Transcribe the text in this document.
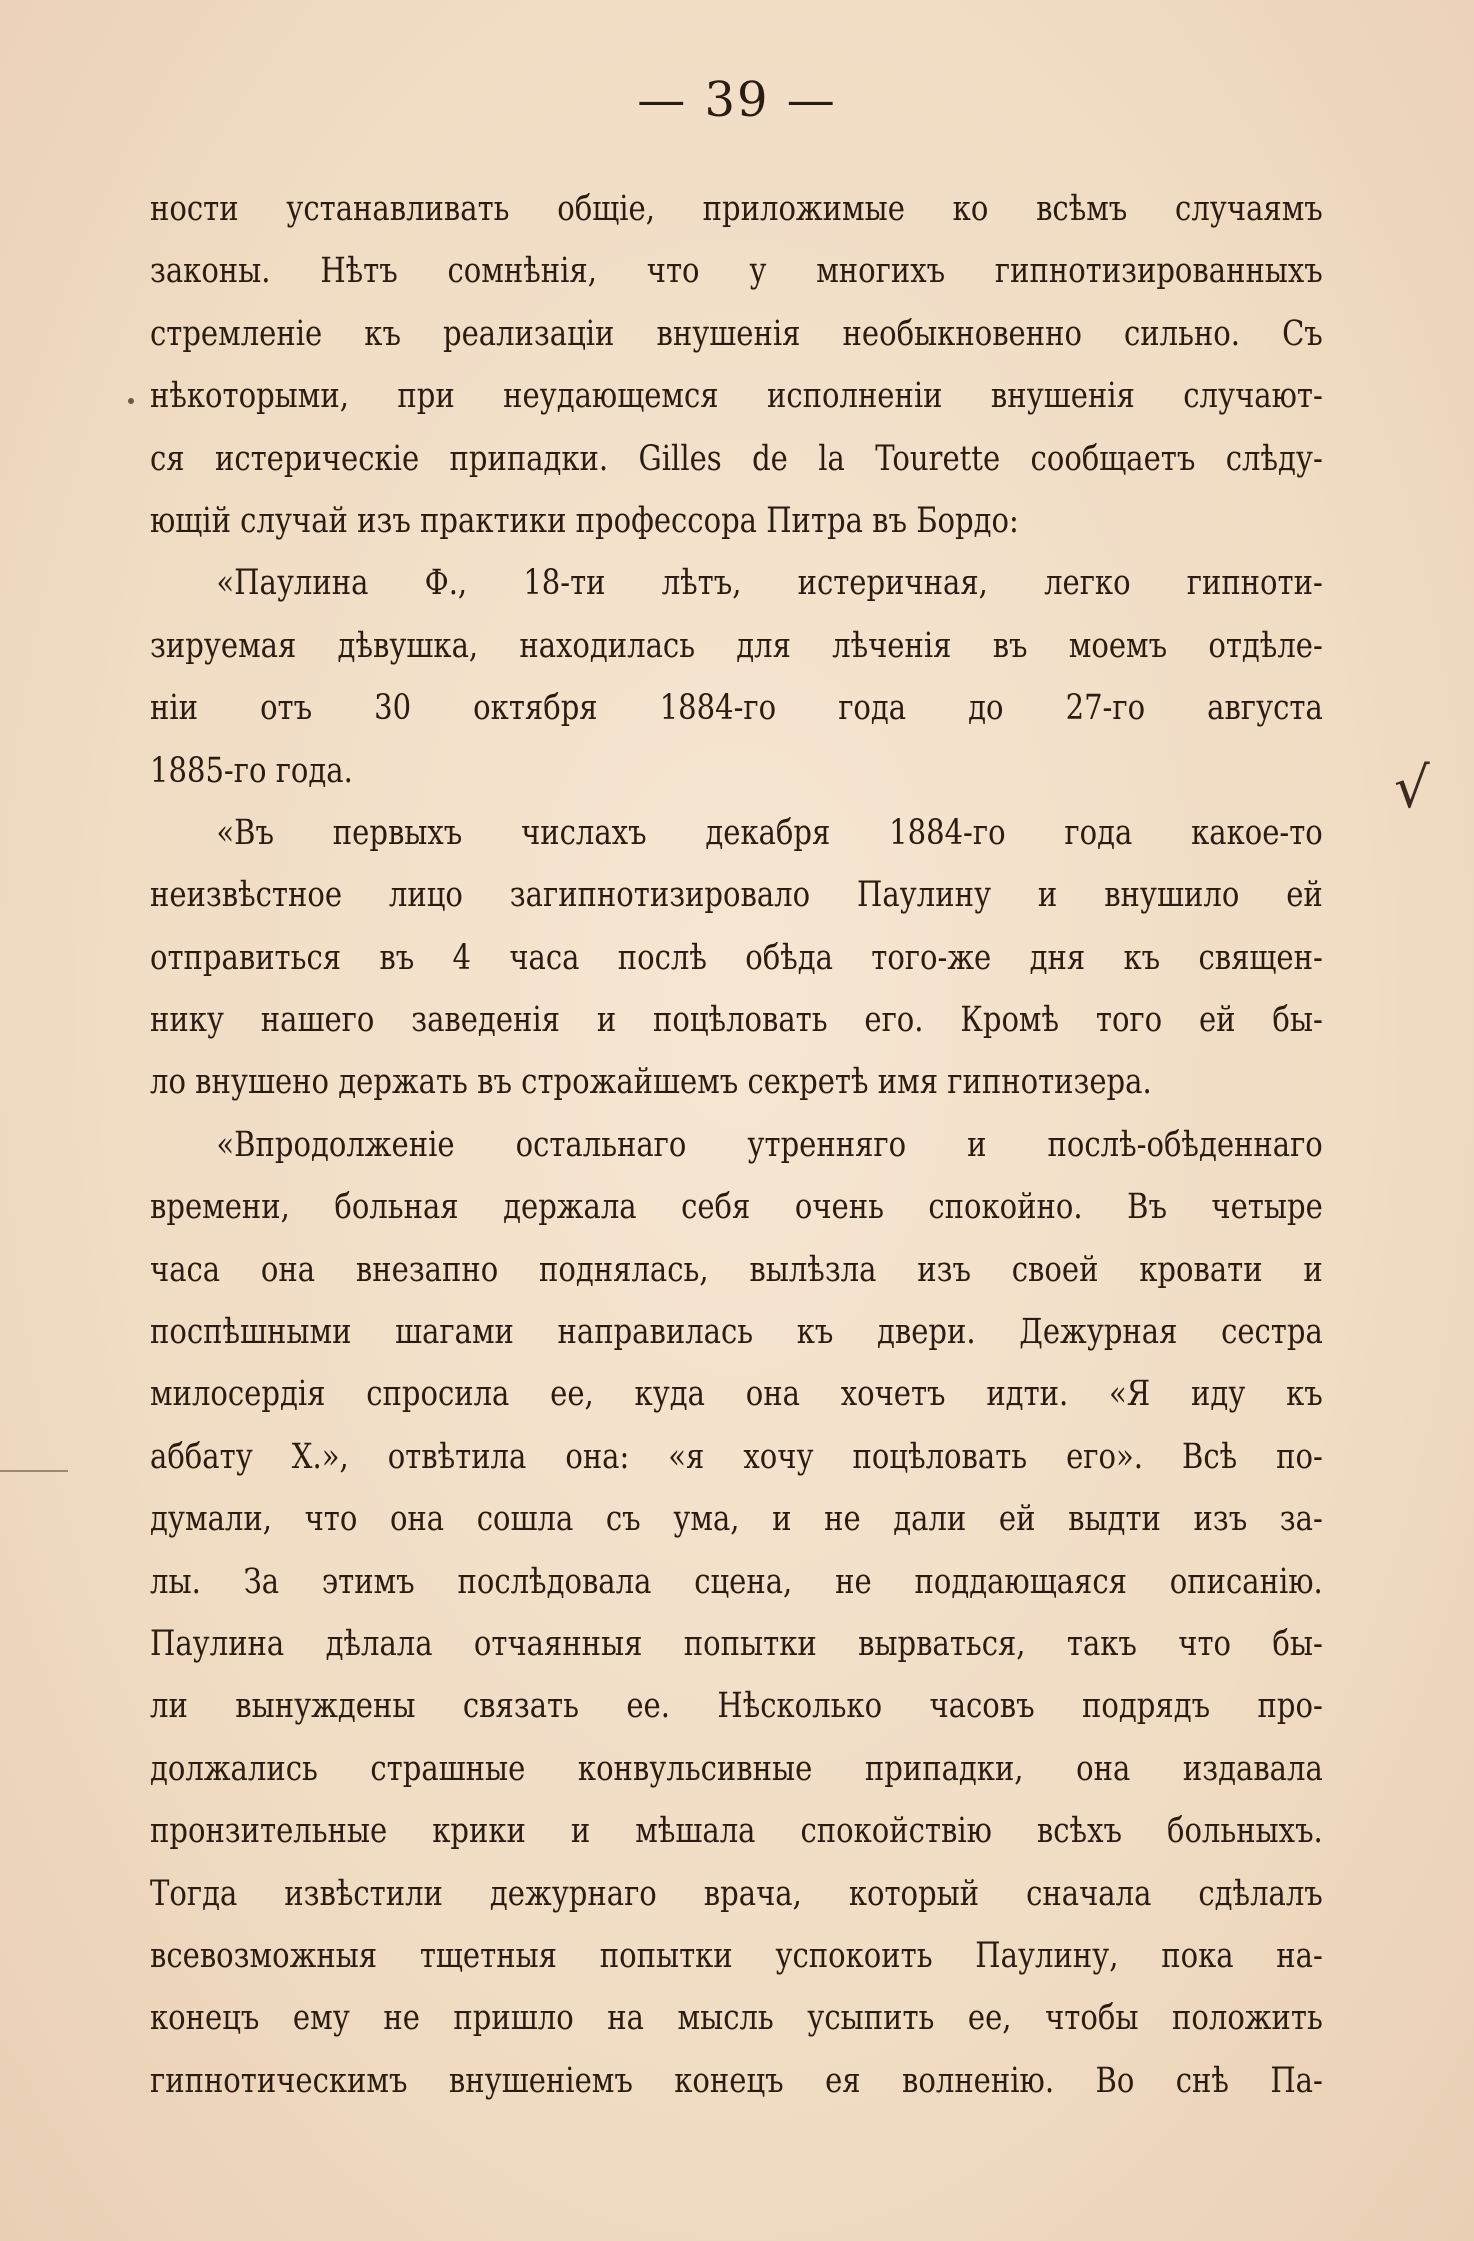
— 39 —
√
ности устанавливать общіе, приложимые ко всѣмъ случаямъ
законы. Нѣтъ сомнѣнія, что у многихъ гипнотизированныхъ
стремленіе къ реализаціи внушенія необыкновенно сильно. Съ
нѣкоторыми, при неудающемся исполненіи внушенія случают-
ся истерическіе припадки. Gilles de la Tourette сообщаетъ слѣду-
ющій случай изъ практики профессора Питра въ Бордо:
«Паулина Ф., 18-ти лѣтъ, истеричная, легко гипноти-
зируемая дѣвушка, находилась для лѣченія въ моемъ отдѣле-
ніи отъ 30 октября 1884-го года до 27-го августа
1885-го года.
«Въ первыхъ числахъ декабря 1884-го года какое-то
неизвѣстное лицо загипнотизировало Паулину и внушило ей
отправиться въ 4 часа послѣ обѣда того-же дня къ священ-
нику нашего заведенія и поцѣловать его. Кромѣ того ей бы-
ло внушено держать въ строжайшемъ секретѣ имя гипнотизера.
«Впродолженіе остальнаго утренняго и послѣ-обѣденнаго
времени, больная держала себя очень спокойно. Въ четыре
часа она внезапно поднялась, вылѣзла изъ своей кровати и
поспѣшными шагами направилась къ двери. Дежурная сестра
милосердія спросила ее, куда она хочетъ идти. «Я иду къ
аббату Х.», отвѣтила она: «я хочу поцѣловать его». Всѣ по-
думали, что она сошла съ ума, и не дали ей выдти изъ за-
лы. За этимъ послѣдовала сцена, не поддающаяся описанію.
Паулина дѣлала отчаянныя попытки вырваться, такъ что бы-
ли вынуждены связать ее. Нѣсколько часовъ подрядъ про-
должались страшные конвульсивные припадки, она издавала
пронзительные крики и мѣшала спокойствію всѣхъ больныхъ.
Тогда извѣстили дежурнаго врача, который сначала сдѣлалъ
всевозможныя тщетныя попытки успокоить Паулину, пока на-
конецъ ему не пришло на мысль усыпить ее, чтобы положить
гипнотическимъ внушеніемъ конецъ ея волненію. Во снѣ Па-
